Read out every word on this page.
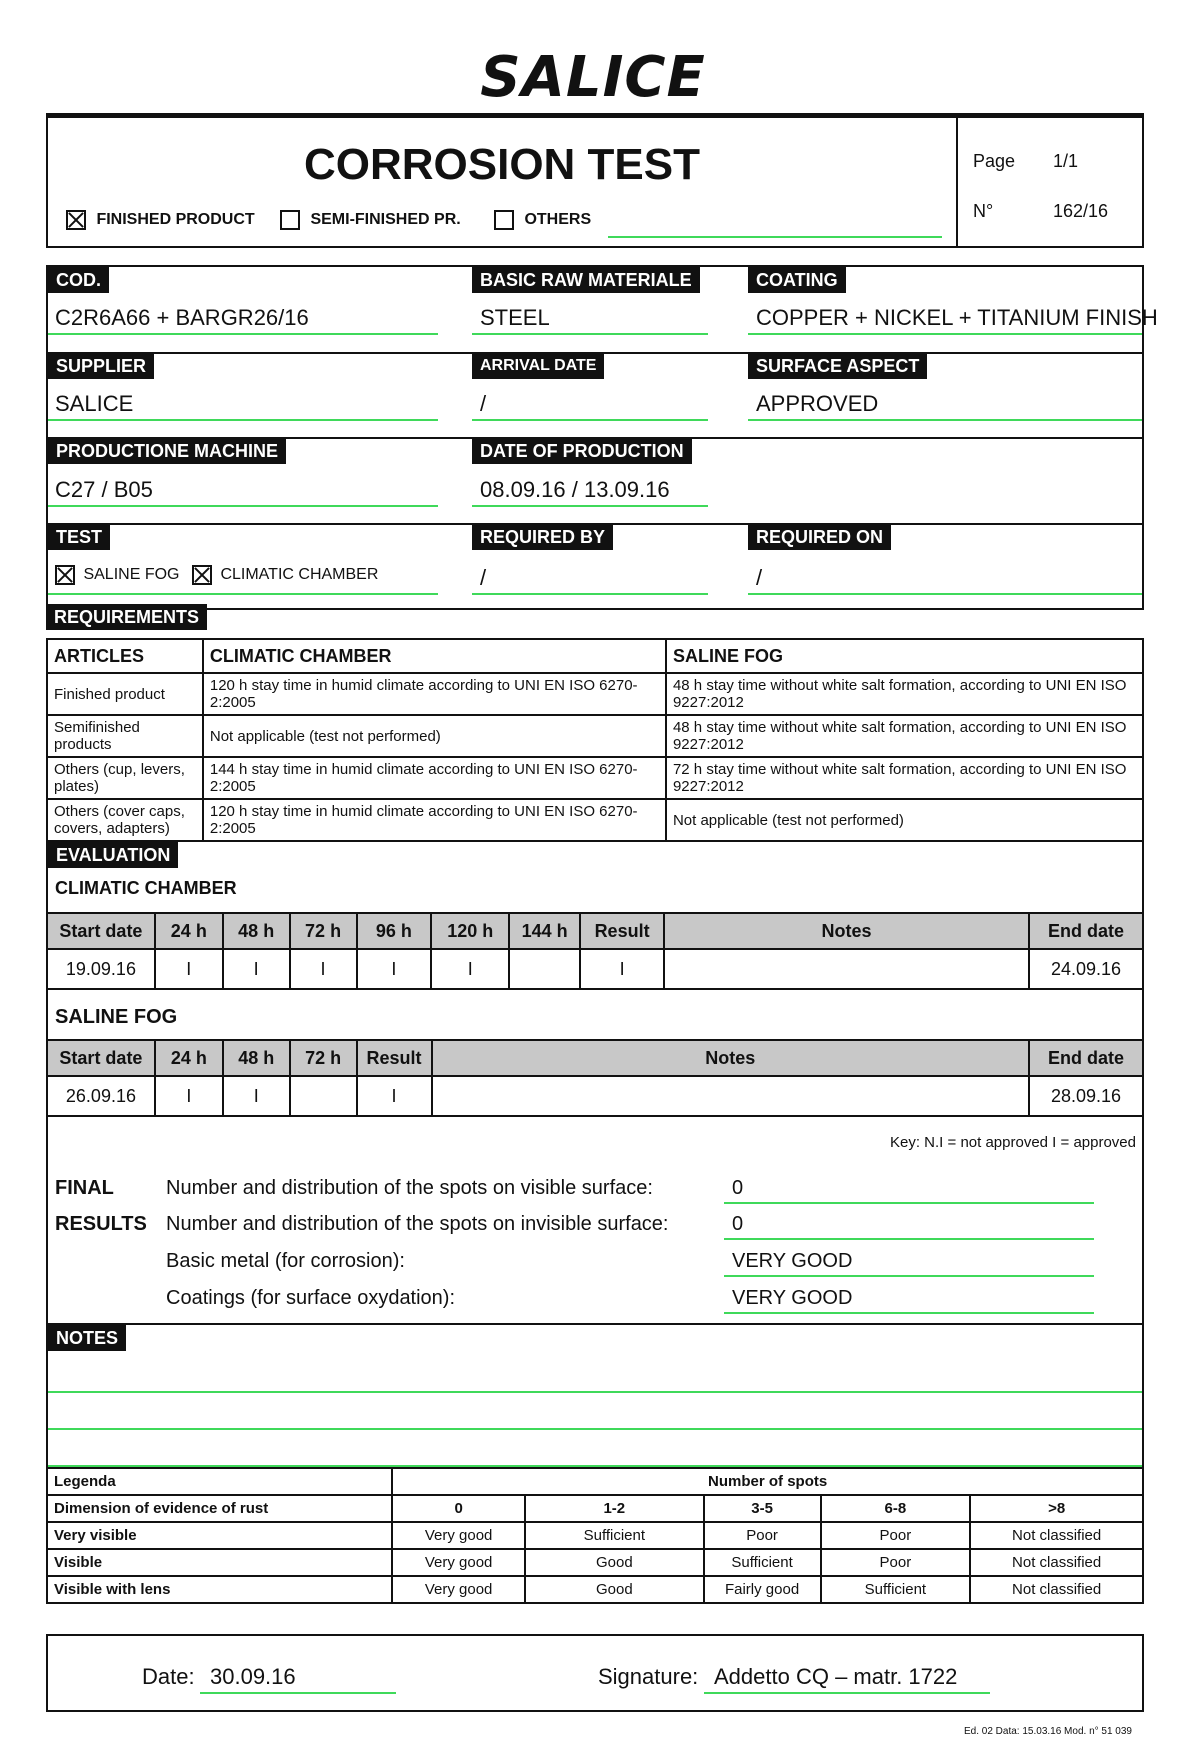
SALICE
CORROSION TEST	Page 1/1
N°	162/16
FINISHED PRODUCT	SEMI-FINISHED PR.	OTHERS
COD.
C2R6A66 + BARGR26/16
BASIC RAW MATERIALE
STEEL
COATING
COPPER + NICKEL + TITANIUM FINISH
SUPPLIER
SALICE
ARRIVAL DATE
/
SURFACE ASPECT
APPROVED
PRODUCTIONE MACHINE
C27 / B05
DATE OF PRODUCTION
08.09.16 / 13.09.16
TEST
SALINE FOG	CLIMATIC CHAMBER
REQUIRED BY
/
REQUIRED ON
/
REQUIREMENTS
ARTICLES	CLIMATIC CHAMBER	SALINE FOG
Finished product	120 h stay time in humid climate according to UNI EN ISO 6270-2:2005	48 h stay time without white salt formation, according to UNI EN ISO 9227:2012
Semifinished products	Not applicable (test not performed)	48 h stay time without white salt formation, according to UNI EN ISO 9227:2012
Others (cup, levers, plates)	144 h stay time in humid climate according to UNI EN ISO 6270-2:2005	72 h stay time without white salt formation, according to UNI EN ISO 9227:2012
Others (cover caps, covers, adapters)	120 h stay time in humid climate according to UNI EN ISO 6270-2:2005	Not applicable (test not performed)
EVALUATION
CLIMATIC CHAMBER
SALINE FOG
Key: N.I = not approved I = approved
FINAL
RESULTS
Number and distribution of the spots on visible surface:	0
Number and distribution of the spots on invisible surface:	0
Basic metal (for corrosion):	VERY GOOD
Coatings (for surface oxydation):	VERY GOOD
Start date	24 h	48 h	72 h	96 h	120 h	144 h	Result	Notes	End date
19.09.16	I	I	I	I	I		I		24.09.16
Start date	24 h	48 h	72 h	Result	Notes	End date
26.09.16	I	I		I		28.09.16
NOTES
Legenda	Number of spots				
Dimension of evidence of rust	0	1-2	3-5	6-8	>8
Very visible	Very good	Sufficient	Poor	Poor	Not classified
Visible	Very good	Good	Sufficient	Poor	Not classified
Visible with lens	Very good	Good	Fairly good	Sufficient	Not classified
Date: 30.09.16	Signature: Addetto CQ – matr. 1722
Ed. 02 Data: 15.03.16 Mod. n° 51 039
